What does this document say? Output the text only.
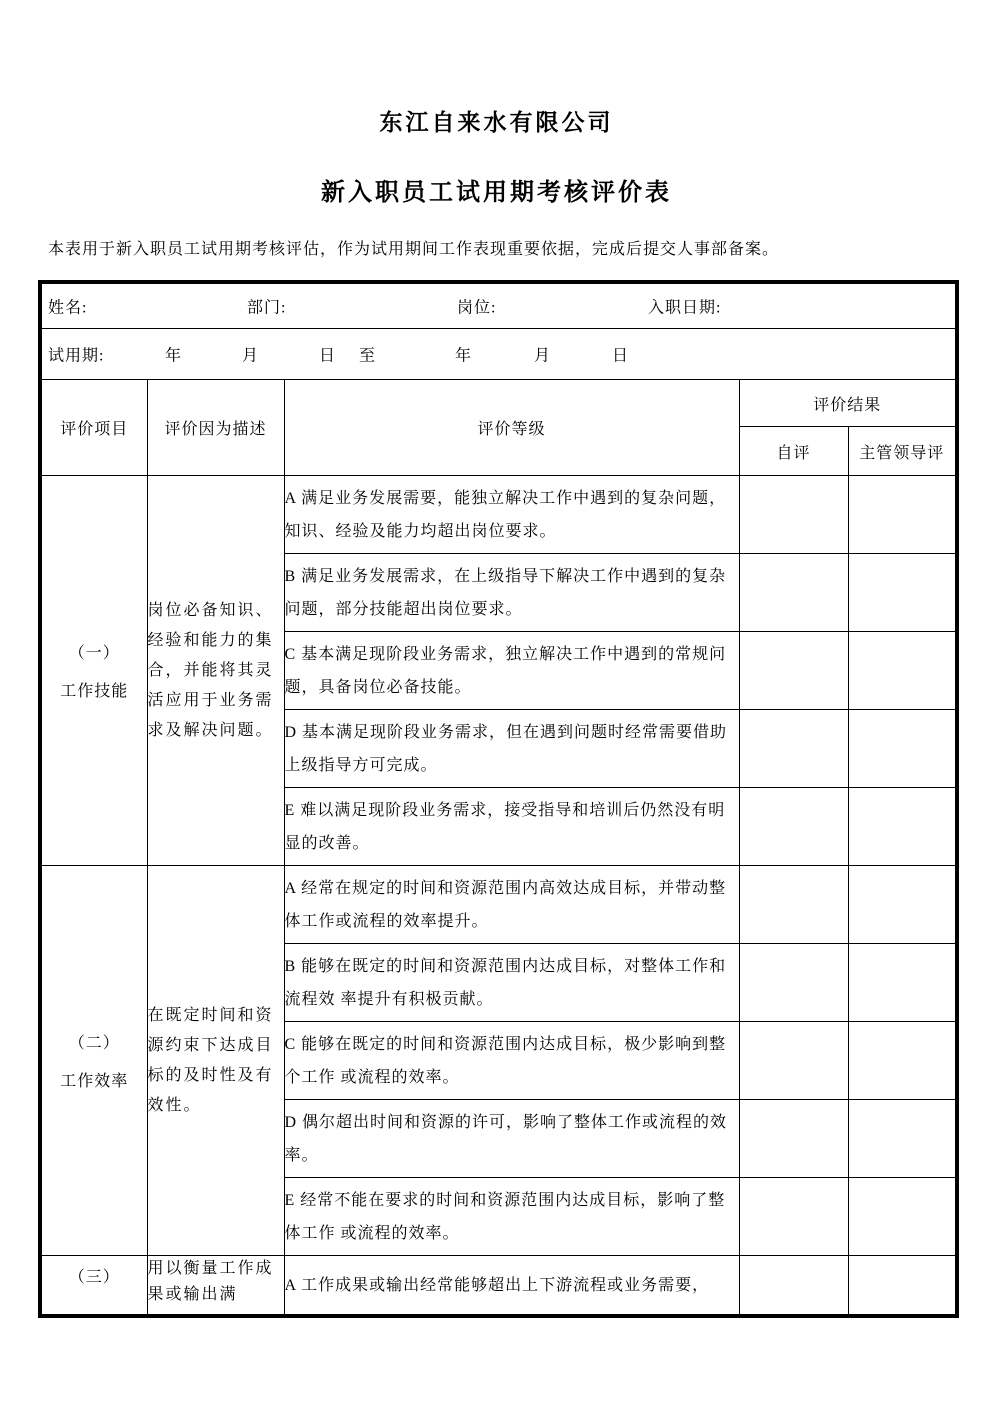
东江自来水有限公司
新入职员工试用期考核评价表
本表用于新入职员工试用期考核评估，作为试用期间工作表现重要依据，完成后提交人事部备案。
姓名: 部门: 岗位: 入职日期:				

试用期:	年	月	日 至	年	月	日

评价项目	评价因为描述	评价等级	评价结果	
			自评	主管领导评

（一）
工作技能	岗位必备知识、经验和能力的集合，并能将其灵活应用于业务需求及解决问题。	A 满足业务发展需要，能独立解决工作中遇到的复杂问题，知识、经验及能力均超出岗位要求。		
		B 满足业务发展需求，在上级指导下解决工作中遇到的复杂问题，部分技能超出岗位要求。		
		C 基本满足现阶段业务需求，独立解决工作中遇到的常规问题，具备岗位必备技能。		
		D 基本满足现阶段业务需求，但在遇到问题时经常需要借助上级指导方可完成。		
		E 难以满足现阶段业务需求，接受指导和培训后仍然没有明显的改善。		

（二）
工作效率	在既定时间和资源约束下达成目标的及时性及有效性。	A 经常在规定的时间和资源范围内高效达成目标，并带动整体工作或流程的效率提升。		
		B 能够在既定的时间和资源范围内达成目标，对整体工作和流程效 率提升有积极贡献。		
		C 能够在既定的时间和资源范围内达成目标，极少影响到整个工作 或流程的效率。		
		D 偶尔超出时间和资源的许可，影响了整体工作或流程的效率。		
		E 经常不能在要求的时间和资源范围内达成目标，影响了整体工作 或流程的效率。		

（三）	用以衡量工作成果或输出满	A 工作成果或输出经常能够超出上下游流程或业务需要，		
